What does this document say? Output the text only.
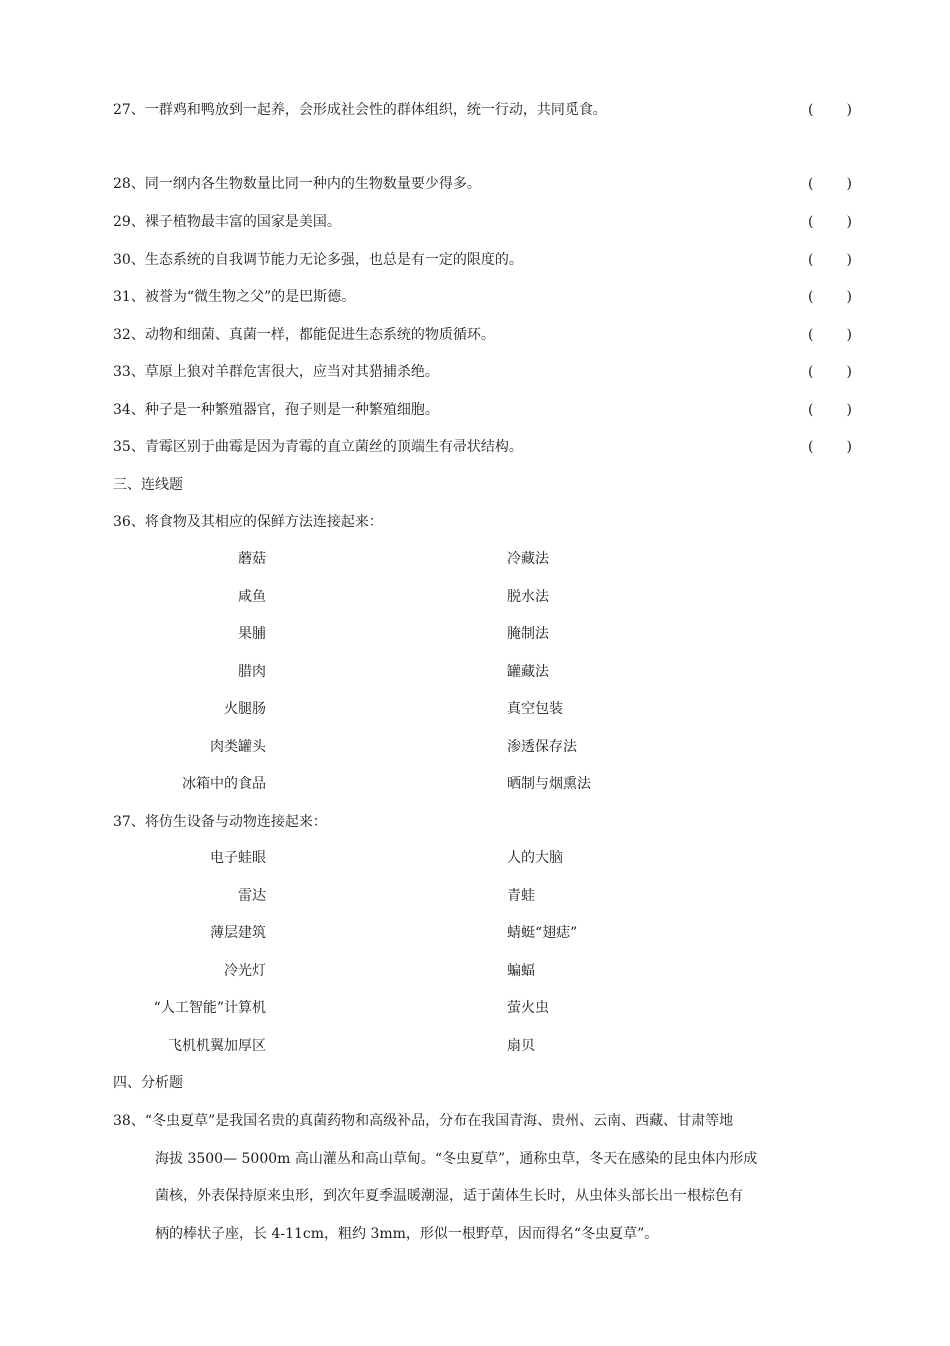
27、一群鸡和鸭放到一起养，会形成社会性的群体组织，统一行动，共同觅食。	( )
28、同一纲内各生物数量比同一种内的生物数量要少得多。	( )
29、裸子植物最丰富的国家是美国。	( )
30、生态系统的自我调节能力无论多强，也总是有一定的限度的。	( )
31、被誉为“微生物之父”的是巴斯德。	( )
32、动物和细菌、真菌一样，都能促进生态系统的物质循环。	( )
33、草原上狼对羊群危害很大，应当对其猎捕杀绝。	( )
34、种子是一种繁殖器官，孢子则是一种繁殖细胞。	( )
35、青霉区别于曲霉是因为青霉的直立菌丝的顶端生有帚状结构。	( )
三、连线题
36、将食物及其相应的保鲜方法连接起来：
蘑菇	冷藏法
咸鱼	脱水法
果脯	腌制法
腊肉	罐藏法
火腿肠	真空包装
肉类罐头	渗透保存法
冰箱中的食品	晒制与烟熏法
37、将仿生设备与动物连接起来：
电子蛙眼	人的大脑
雷达	青蛙
薄层建筑	蜻蜓“翅痣”
冷光灯	蝙蝠
“人工智能”计算机	萤火虫
飞机机翼加厚区	扇贝
四、分析题
38、“冬虫夏草”是我国名贵的真菌药物和高级补品，分布在我国青海、贵州、云南、西藏、甘肃等地
海拔 3500— 5000m 高山灌丛和高山草甸。“冬虫夏草”，通称虫草，冬天在感染的昆虫体内形成
菌核，外表保持原来虫形，到次年夏季温暖潮湿，适于菌体生长时，从虫体头部长出一根棕色有
柄的棒状子座，长 4-11cm，粗约 3mm，形似一根野草，因而得名“冬虫夏草”。
